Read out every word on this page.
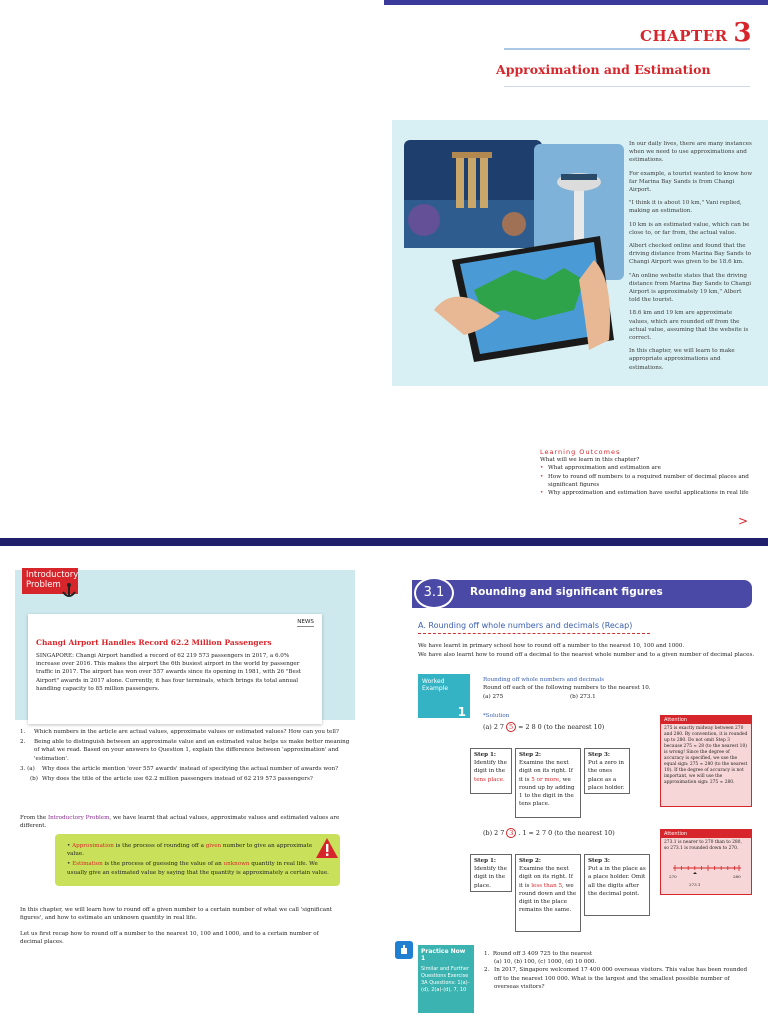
CHAPTER 3
Approximation and Estimation

In our daily lives, there are many instances when we need to use approximations and estimations.

For example, a tourist wanted to know how far Marina Bay Sands is from Changi Airport.

"I think it is about 10 km," Vani replied, making an estimation.

10 km is an estimated value, which can be close to, or far from, the actual value.

Albert checked online and found that the driving distance from Marina Bay Sands to Changi Airport was given to be 18.6 km.

"An online website states that the driving distance from Marina Bay Sands to Changi Airport is approximately 19 km," Albert told the tourist.

18.6 km and 19 km are approximate values, which are rounded off from the actual value, assuming that the website is correct.

In this chapter, we will learn to make appropriate approximations and estimations.

Learning Outcomes
What will we learn in this chapter?
• What approximation and estimation are
• How to round off numbers to a required number of decimal places and significant figures
• Why approximation and estimation have useful applications in real life
>
Introductory Problem
NEWS
Changi Airport Handles Record 62.2 Million Passengers
SINGAPORE: Changi Airport handled a record of 62 219 573 passengers in 2017, a 6.0% increase over 2016. This makes the airport the 6th busiest airport in the world by passenger traffic in 2017. The airport has won over 557 awards since its opening in 1981, with 26 "Best Airport" awards in 2017 alone. Currently, it has four terminals, which brings its total annual handling capacity to 85 million passengers.
1. Which numbers in the article are actual values, approximate values or estimated values? How can you tell?
2. Being able to distinguish between an approximate value and an estimated value helps us make better meaning of what we read. Based on your answers to Question 1, explain the difference between 'approximation' and 'estimation'.
3. (a) Why does the article mention 'over 557 awards' instead of specifying the actual number of awards won?
(b) Why does the title of the article use 62.2 million passengers instead of 62 219 573 passengers?
From the Introductory Problem, we have learnt that actual values, approximate values and estimated values are different.
• Approximation is the process of rounding off a given number to give an approximate value.
• Estimation is the process of guessing the value of an unknown quantity in real life. We usually give an estimated value by saying that the quantity is approximately a certain value.
In this chapter, we will learn how to round off a given number to a certain number of what we call 'significant figures', and how to estimate an unknown quantity in real life.
Let us first recap how to round off a number to the nearest 10, 100 and 1000, and to a certain number of decimal places.
3.1	Rounding and significant figures
A. Rounding off whole numbers and decimals (Recap)
We have learnt in primary school how to round off a number to the nearest 10, 100 and 1000.
We have also learnt how to round off a decimal to the nearest whole number and to a given number of decimal places.
Worked Example
1
Rounding off whole numbers and decimals
Round off each of the following numbers to the nearest 10.
(a) 275	(b) 273.1
*Solution
(a) 2 7 5 ≈ 2 8 0 (to the nearest 10)
Step 1:
Identify the digit in the tens place.
Step 2:
Examine the next digit on its right. If it is 5 or more, we round up by adding 1 to the digit in the tens place.
Step 3:
Put a zero in the ones place as a place holder.
Attention
275 is exactly midway between 270 and 280. By convention, it is rounded up to 280. Do not omit Step 3 because 275 ≈ 28 (to the nearest 10) is wrong! Since the degree of accuracy is specified, we use the equal sign: 275 ≈ 280 (to the nearest 10). If the degree of accuracy is not important, we will use the approximation sign: 275 ≈ 280.
(b) 2 7 3 . 1 ≈ 2 7 0 (to the nearest 10)
Step 1:
Identify the digit in the place.
Step 2:
Examine the next digit on its right. If it is less than 5, we round down and the digit in the place remains the same.
Step 3:
Put a in the place as a place holder. Omit all the digits after the decimal point.
Attention
273.1 is nearer to 270 than to 280, so 273.1 is rounded down to 270.
270
273.1
280
Practice Now 1
Similar and Further Questions Exercise 3A Questions: 1(a)-(d), 2(a)-(d), 7, 10
1.  Round off 3 409 725 to the nearest
(a) 10, (b) 100, (c) 1000, (d) 10 000.
2. In 2017, Singapore welcomed 17 400 000 overseas visitors. This value has been rounded off to the nearest 100 000. What is the largest and the smallest possible number of overseas visitors?
